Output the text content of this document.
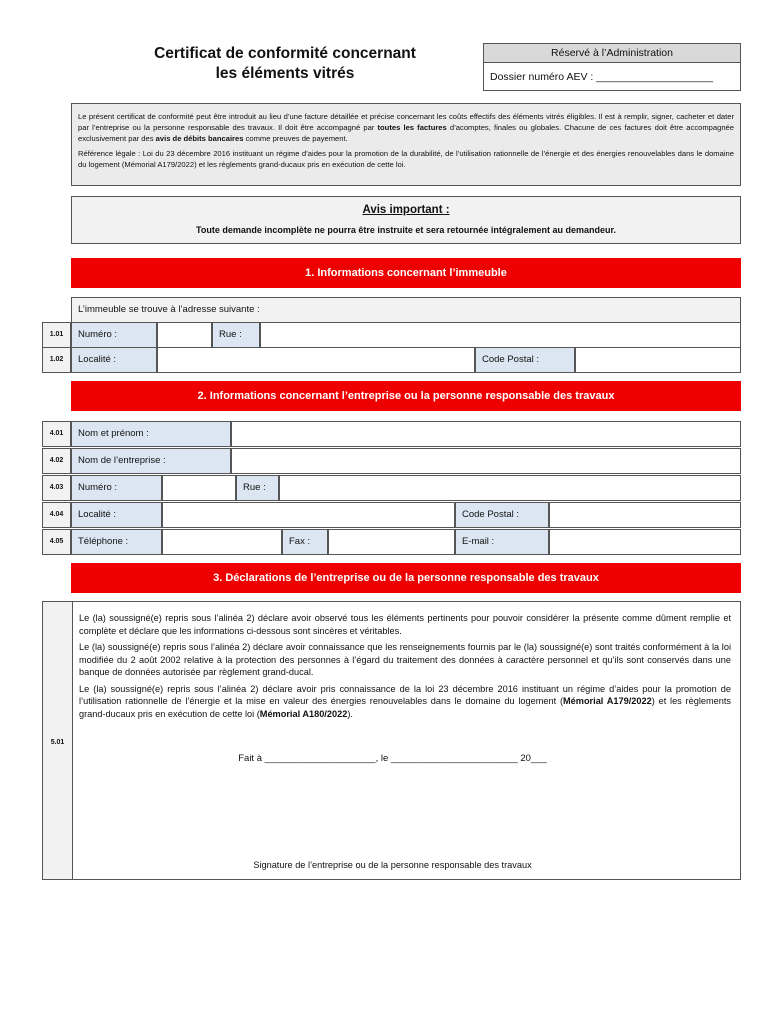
Certificat de conformité concernant
les éléments vitrés
Réservé à l’Administration
Dossier numéro AEV : ____________________

Le présent certificat de conformité peut être introduit au lieu d’une facture détaillée et précise concernant les coûts effectifs des éléments vitrés éligibles. Il est à remplir, signer, cacheter et dater par l’entreprise ou la personne responsable des travaux. Il doit être accompagné par toutes les factures d’acomptes, finales ou globales. Chacune de ces factures doit être accompagnée exclusivement par des avis de débits bancaires comme preuves de payement.

Référence légale : Loi du 23 décembre 2016 instituant un régime d’aides pour la promotion de la durabilité, de l’utilisation rationnelle de l’énergie et des énergies renouvelables dans le domaine du logement (Mémorial A179/2022) et les règlements grand-ducaux pris en exécution de cette loi.

Avis important :
Toute demande incomplète ne pourra être instruite et sera retournée intégralement au demandeur.
1. Informations concernant l’immeuble
L’immeuble se trouve à l’adresse suivante :
1.01	Numéro :	Rue :
1.02	Localité :	Code Postal :
2. Informations concernant l’entreprise ou la personne responsable des travaux
4.01	Nom et prénom :
4.02	Nom de l’entreprise :
4.03	Numéro :	Rue :
4.04	Localité :	Code Postal :
4.05	Téléphone :	Fax :	E-mail :
3. Déclarations de l’entreprise ou de la personne responsable des travaux
5.01

Le (la) soussigné(e) repris sous l’alinéa 2) déclare avoir observé tous les éléments pertinents pour pouvoir considérer la présente comme dûment remplie et complète et déclare que les informations ci-dessous sont sincères et véritables.

Le (la) soussigné(e) repris sous l’alinéa 2) déclare avoir connaissance que les renseignements fournis par le (la) soussigné(e) sont traités conformément à la loi modifiée du 2 août 2002 relative à la protection des personnes à l’égard du traitement des données à caractère personnel et qu’ils sont conservés dans une banque de données autorisée par règlement grand-ducal.

Le (la) soussigné(e) repris sous l’alinéa 2) déclare avoir pris connaissance de la loi 23 décembre 2016 instituant un régime d’aides pour la promotion de l’utilisation rationnelle de l’énergie et la mise en valeur des énergies renouvelables dans le domaine du logement (Mémorial A179/2022) et les règlements grand-ducaux pris en exécution de cette loi (Mémorial A180/2022).

Fait à _____________________, le ________________________ 20___
Signature de l’entreprise ou de la personne responsable des travaux
